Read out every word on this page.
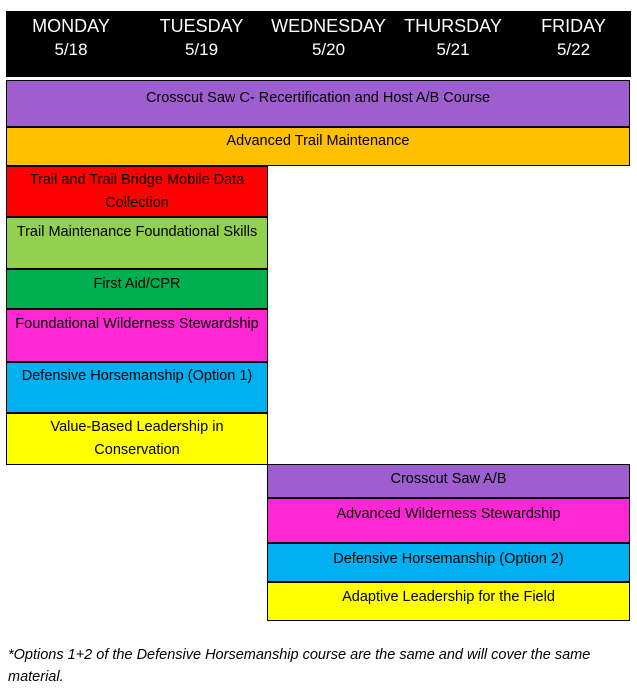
MONDAY
5/18
TUESDAY
5/19
WEDNESDAY
5/20
THURSDAY
5/21
FRIDAY
5/22
Crosscut Saw C- Recertification and Host A/B Course
Advanced Trail Maintenance
Trail and Trail Bridge Mobile Data Collection
Trail Maintenance Foundational Skills
First Aid/CPR
Foundational Wilderness Stewardship
Defensive Horsemanship (Option 1)
Value-Based Leadership in Conservation
Crosscut Saw A/B
Advanced Wilderness Stewardship
Defensive Horsemanship (Option 2)
Adaptive Leadership for the Field
*Options 1+2 of the Defensive Horsemanship course are the same and will cover the same material.
